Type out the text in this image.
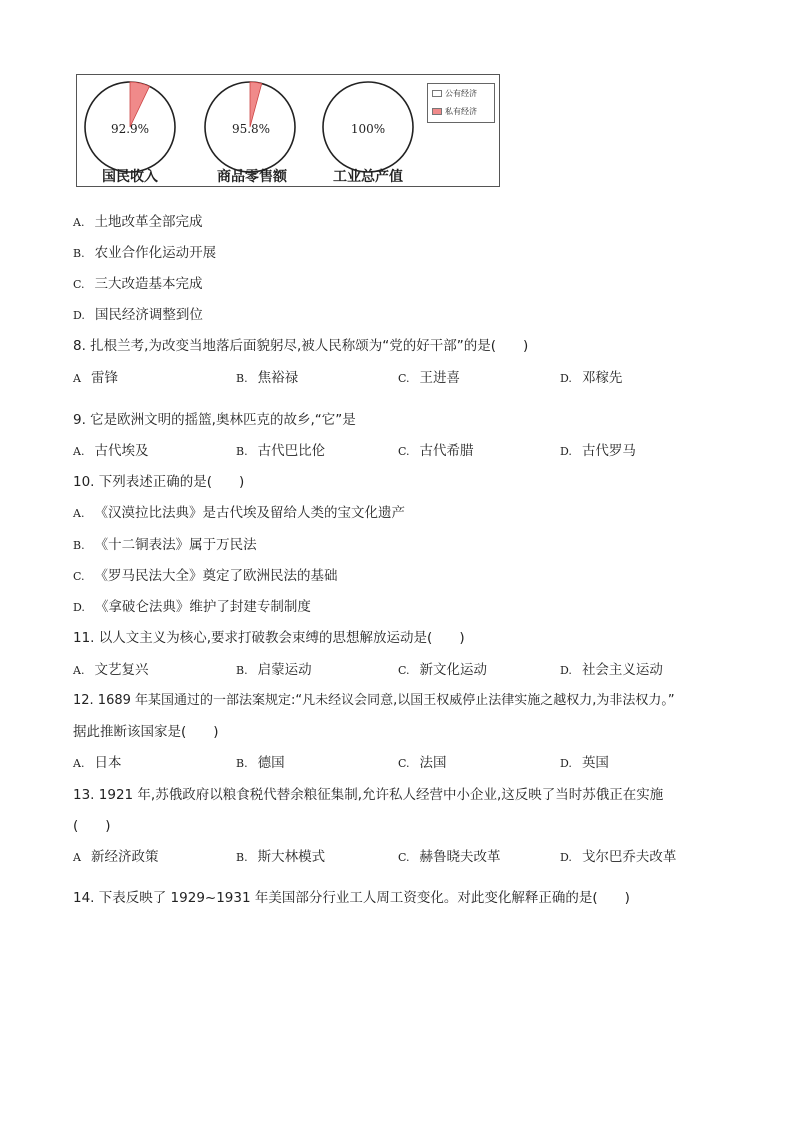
92.9%	95.8%	100%
国民收入	商品零售额	工业总产值
公有经济
私有经济
A. 土地改革全部完成
B. 农业合作化运动开展
C. 三大改造基本完成
D. 国民经济调整到位
8. 扎根兰考,为改变当地落后面貌躬尽,被人民称颂为“党的好干部”的是(　　)
A 雷锋	B. 焦裕禄	C. 王进喜	D. 邓稼先
9. 它是欧洲文明的摇篮,奥林匹克的故乡,“它”是
A. 古代埃及	B. 古代巴比伦	C. 古代希腊	D. 古代罗马
10. 下列表述正确的是(　　)
A. 《汉漠拉比法典》是古代埃及留给人类的宝文化遗产
B. 《十二铜表法》属于万民法
C. 《罗马民法大全》奠定了欧洲民法的基础
D. 《拿破仑法典》维护了封建专制制度
11. 以人文主义为核心,要求打破教会束缚的思想解放运动是(　　)
A. 文艺复兴	B. 启蒙运动	C. 新文化运动	D. 社会主义运动
12. 1689 年某国通过的一部法案规定:“凡未经议会同意,以国王权威停止法律实施之越权力,为非法权力。”
据此推断该国家是(　　)
A. 日本	B. 德国	C. 法国	D. 英国
13. 1921 年,苏俄政府以粮食税代替余粮征集制,允许私人经营中小企业,这反映了当时苏俄正在实施
(　　)
A 新经济政策	B. 斯大林模式	C. 赫鲁晓夫改革	D. 戈尔巴乔夫改革
14. 下表反映了 1929~1931 年美国部分行业工人周工资变化。对此变化解释正确的是(　　)
